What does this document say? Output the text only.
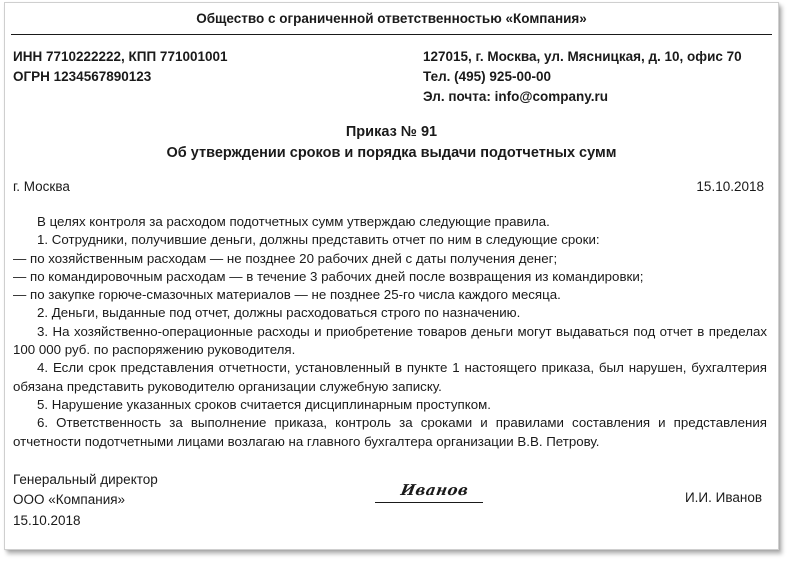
Общество с ограниченной ответственностью «Компания»
ИНН 7710222222, КПП 771001001
ОГРН 1234567890123
127015, г. Москва, ул. Мясницкая, д. 10, офис 70
Тел. (495) 925-00-00
Эл. почта: info@company.ru
Приказ № 91
Об утверждении сроков и порядка выдачи подотчетных сумм
г. Москва	15.10.2018

В целях контроля за расходом подотчетных сумм утверждаю следующие правила.

1. Сотрудники, получившие деньги, должны представить отчет по ним в следующие сроки:

— по хозяйственным расходам — не позднее 20 рабочих дней с даты получения денег;

— по командировочным расходам — в течение 3 рабочих дней после возвращения из командировки;

— по закупке горюче-смазочных материалов — не позднее 25-го числа каждого месяца.

2. Деньги, выданные под отчет, должны расходоваться строго по назначению.

3. На хозяйственно-операционные расходы и приобретение товаров деньги могут выдаваться под отчет в пределах 100 000 руб. по распоряжению руководителя.

4. Если срок представления отчетности, установленный в пункте 1 настоящего приказа, был нарушен, бухгалтерия обязана представить руководителю организации служебную записку.

5. Нарушение указанных сроков считается дисциплинарным проступком.

6. Ответственность за выполнение приказа, контроль за сроками и правилами составления и представления отчетности подотчетными лицами возлагаю на главного бухгалтера организации В.В. Петрову.

Генеральный директор
ООО «Компания»
Иванов	И.И. Иванов
15.10.2018
